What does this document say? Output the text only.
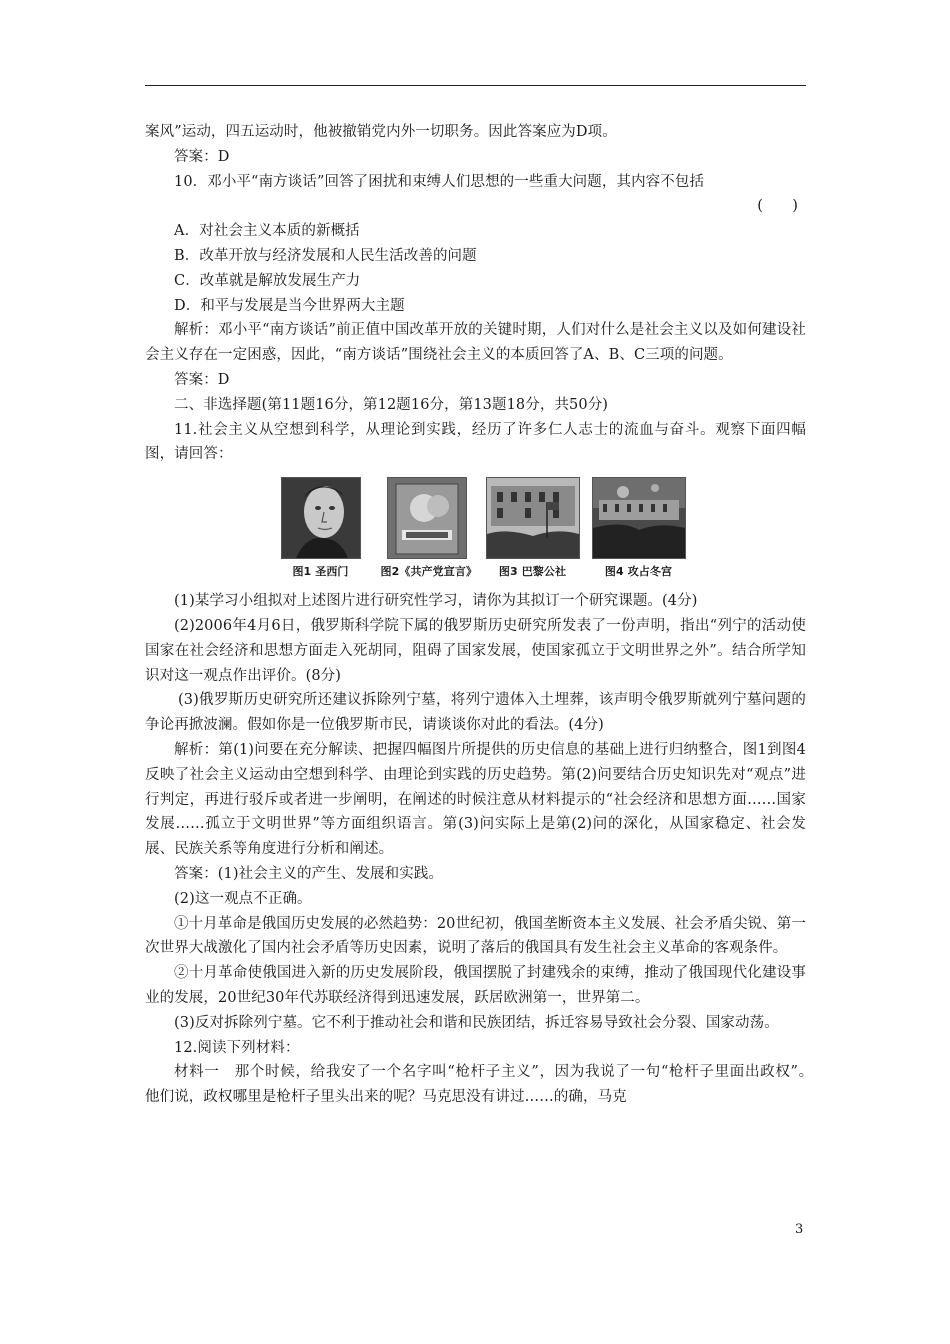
案风”运动，四五运动时，他被撤销党内外一切职务。因此答案应为D项。

答案：D

10．邓小平“南方谈话”回答了困扰和束缚人们思想的一些重大问题，其内容不包括

(　　)

A．对社会主义本质的新概括

B．改革开放与经济发展和人民生活改善的问题

C．改革就是解放发展生产力

D．和平与发展是当今世界两大主题

解析：邓小平“南方谈话”前正值中国改革开放的关键时期，人们对什么是社会主义以及如何建设社会主义存在一定困惑，因此，“南方谈话”围绕社会主义的本质回答了A、B、C三项的问题。

答案：D

二、非选择题(第11题16分，第12题16分，第13题18分，共50分)

11.社会主义从空想到科学，从理论到实践，经历了许多仁人志士的流血与奋斗。观察下面四幅图，请回答：

图1 圣西门	图2《共产党宣言》 图3 巴黎公社	图4 攻占冬宫

(1)某学习小组拟对上述图片进行研究性学习，请你为其拟订一个研究课题。(4分)

(2)2006年4月6日，俄罗斯科学院下属的俄罗斯历史研究所发表了一份声明，指出“列宁的活动使国家在社会经济和思想方面走入死胡同，阻碍了国家发展，使国家孤立于文明世界之外”。结合所学知识对这一观点作出评价。(8分)

(3)俄罗斯历史研究所还建议拆除列宁墓，将列宁遗体入土埋葬，该声明令俄罗斯就列宁墓问题的争论再掀波澜。假如你是一位俄罗斯市民，请谈谈你对此的看法。(4分)

解析：第(1)问要在充分解读、把握四幅图片所提供的历史信息的基础上进行归纳整合，图1到图4反映了社会主义运动由空想到科学、由理论到实践的历史趋势。第(2)问要结合历史知识先对“观点”进行判定，再进行驳斥或者进一步阐明，在阐述的时候注意从材料提示的“社会经济和思想方面……国家发展……孤立于文明世界”等方面组织语言。第(3)问实际上是第(2)问的深化，从国家稳定、社会发展、民族关系等角度进行分析和阐述。

答案：(1)社会主义的产生、发展和实践。

(2)这一观点不正确。

①十月革命是俄国历史发展的必然趋势：20世纪初，俄国垄断资本主义发展、社会矛盾尖锐、第一次世界大战激化了国内社会矛盾等历史因素，说明了落后的俄国具有发生社会主义革命的客观条件。

②十月革命使俄国进入新的历史发展阶段，俄国摆脱了封建残余的束缚，推动了俄国现代化建设事业的发展，20世纪30年代苏联经济得到迅速发展，跃居欧洲第一，世界第二。

(3)反对拆除列宁墓。它不利于推动社会和谐和民族团结，拆迁容易导致社会分裂、国家动荡。

12.阅读下列材料：

材料一　那个时候，给我安了一个名字叫“枪杆子主义”，因为我说了一句“枪杆子里面出政权”。　他们说，政权哪里是枪杆子里头出来的呢？马克思没有讲过……的确，马克

3
